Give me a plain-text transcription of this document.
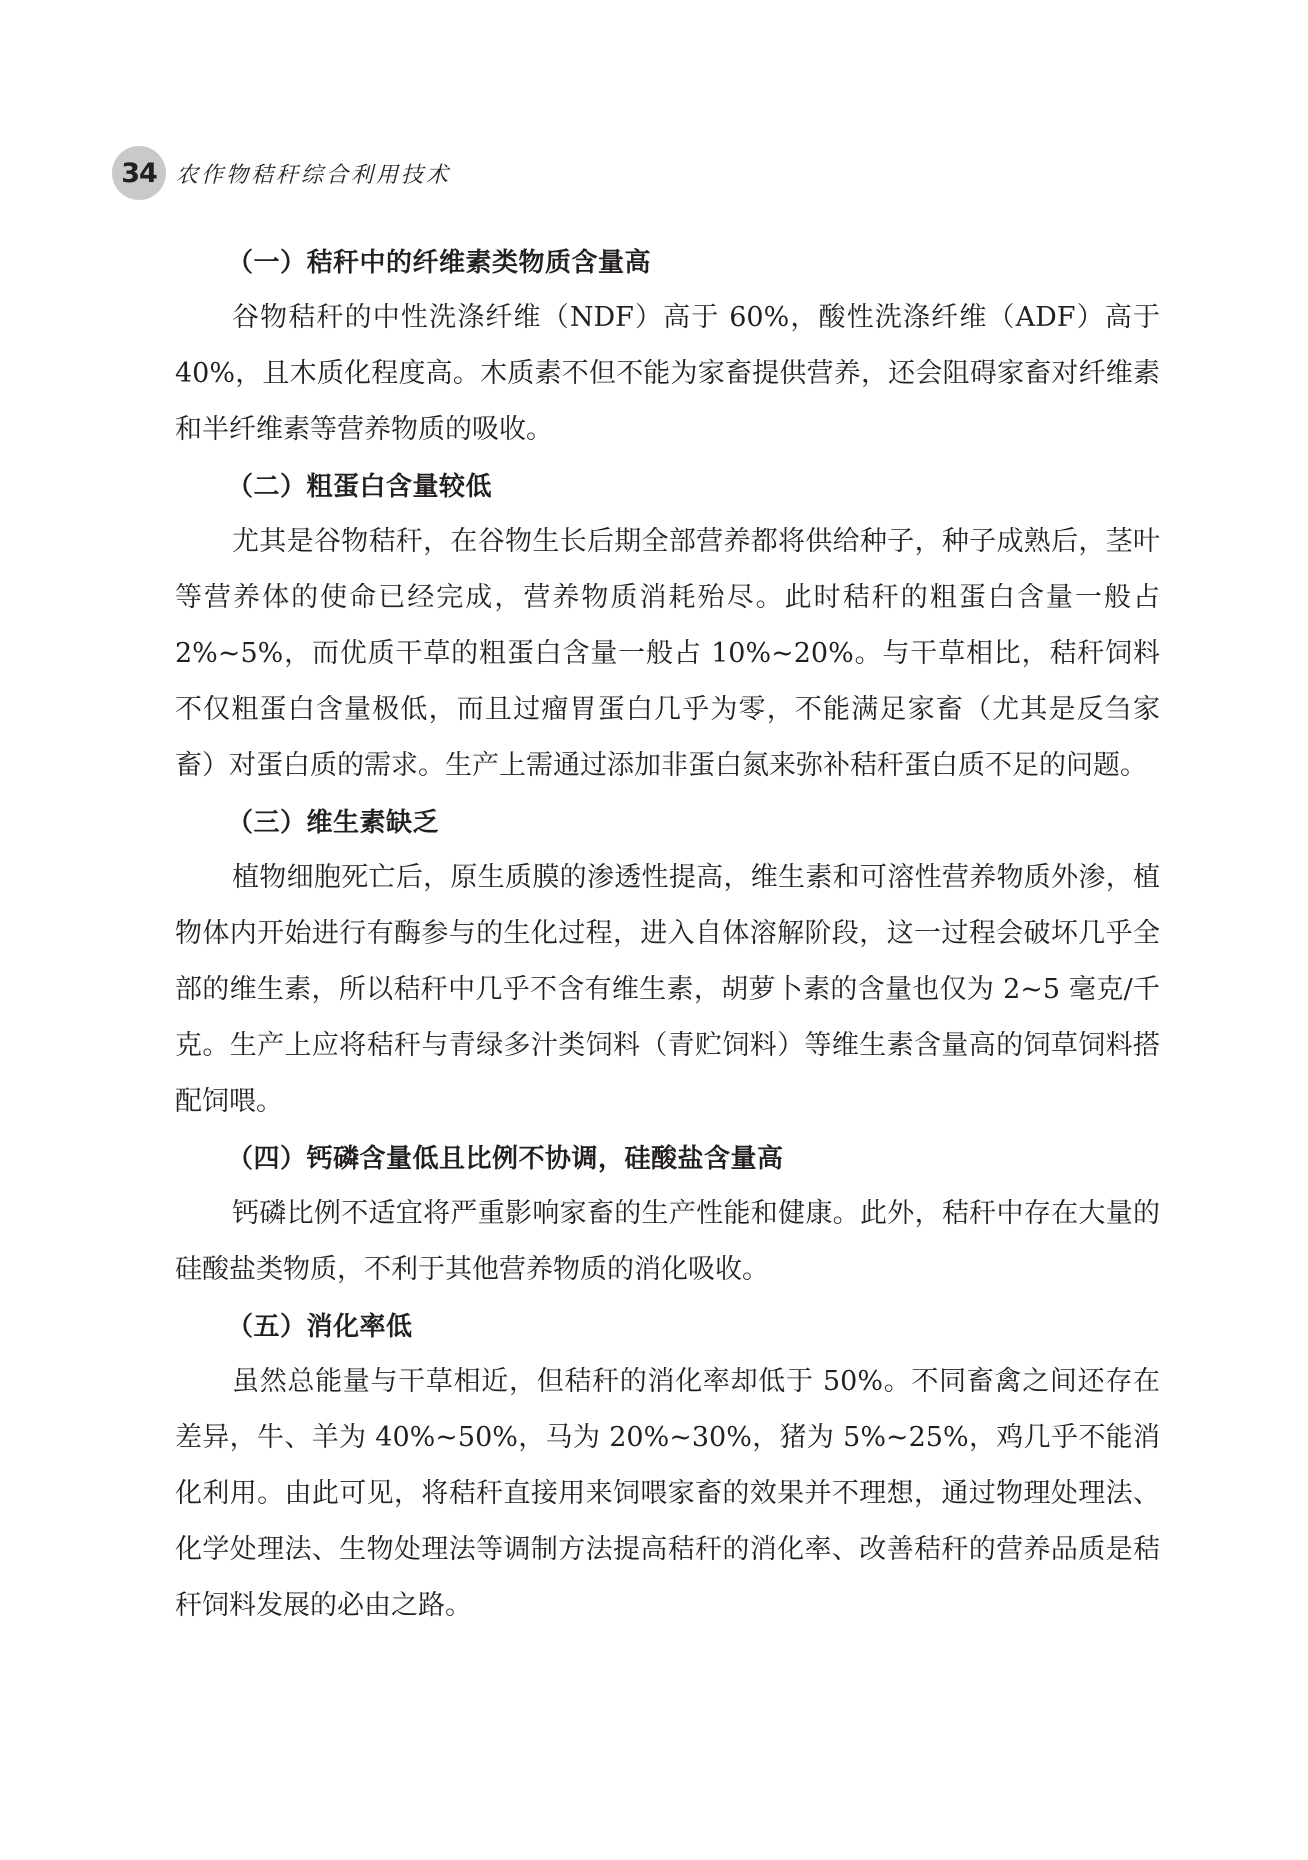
34 农作物秸秆综合利用技术
（一）秸秆中的纤维素类物质含量高

谷物秸秆的中性洗涤纤维（NDF）高于 60%，酸性洗涤纤维（ADF）高于 40%，且木质化程度高。木质素不但不能为家畜提供营养，还会阻碍家畜对纤维素和半纤维素等营养物质的吸收。

（二）粗蛋白含量较低

尤其是谷物秸秆，在谷物生长后期全部营养都将供给种子，种子成熟后，茎叶等营养体的使命已经完成，营养物质消耗殆尽。此时秸秆的粗蛋白含量一般占 2%~5%，而优质干草的粗蛋白含量一般占 10%~20%。与干草相比，秸秆饲料不仅粗蛋白含量极低，而且过瘤胃蛋白几乎为零，不能满足家畜（尤其是反刍家畜）对蛋白质的需求。生产上需通过添加非蛋白氮来弥补秸秆蛋白质不足的问题。

（三）维生素缺乏

植物细胞死亡后，原生质膜的渗透性提高，维生素和可溶性营养物质外渗，植物体内开始进行有酶参与的生化过程，进入自体溶解阶段，这一过程会破坏几乎全部的维生素，所以秸秆中几乎不含有维生素，胡萝卜素的含量也仅为 2~5 毫克/千克。生产上应将秸秆与青绿多汁类饲料（青贮饲料）等维生素含量高的饲草饲料搭配饲喂。

（四）钙磷含量低且比例不协调，硅酸盐含量高

钙磷比例不适宜将严重影响家畜的生产性能和健康。此外，秸秆中存在大量的硅酸盐类物质，不利于其他营养物质的消化吸收。

（五）消化率低

虽然总能量与干草相近，但秸秆的消化率却低于 50%。不同畜禽之间还存在差异，牛、羊为 40%~50%，马为 20%~30%，猪为 5%~25%，鸡几乎不能消化利用。由此可见，将秸秆直接用来饲喂家畜的效果并不理想，通过物理处理法、化学处理法、生物处理法等调制方法提高秸秆的消化率、改善秸秆的营养品质是秸秆饲料发展的必由之路。
